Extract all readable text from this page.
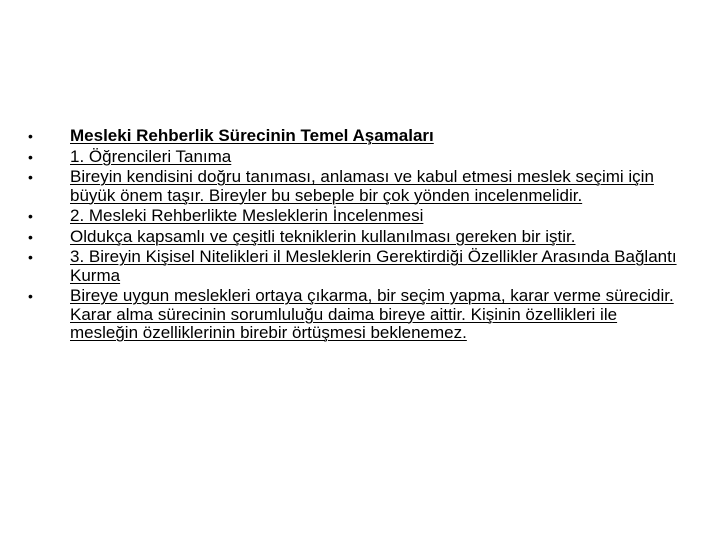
• Mesleki Rehberlik Sürecinin Temel Aşamaları
• 1. Öğrencileri Tanıma
• Bireyin kendisini doğru tanıması, anlaması ve kabul etmesi meslek seçimi için büyük önem taşır. Bireyler bu sebeple bir çok yönden incelenmelidir.
• 2. Mesleki Rehberlikte Mesleklerin İncelenmesi
• Oldukça kapsamlı ve çeşitli tekniklerin kullanılması gereken bir iştir.
• 3. Bireyin Kişisel Nitelikleri il Mesleklerin Gerektirdiği Özellikler Arasında Bağlantı Kurma
• Bireye uygun meslekleri ortaya çıkarma, bir seçim yapma, karar verme sürecidir. Karar alma sürecinin sorumluluğu daima bireye aittir. Kişinin özellikleri ile mesleğin özelliklerinin birebir örtüşmesi beklenemez.
